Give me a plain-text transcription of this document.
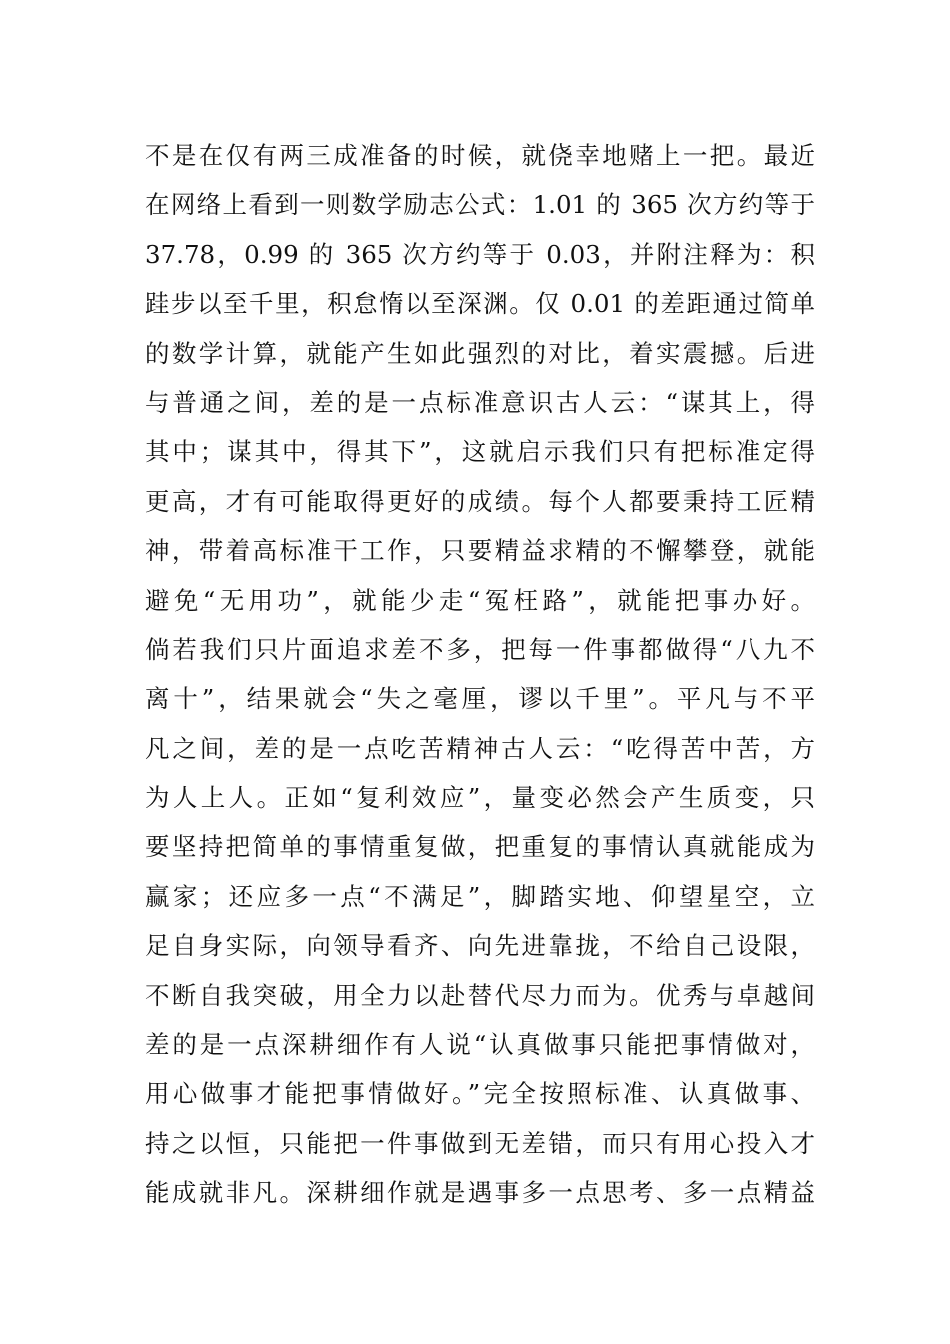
不是在仅有两三成准备的时候，就侥幸地赌上一把。最近
在网络上看到一则数学励志公式：1.01 的 365 次方约等于
37.78，0.99 的 365 次方约等于 0.03，并附注释为：积
跬步以至千里，积怠惰以至深渊。仅 0.01 的差距通过简单
的数学计算，就能产生如此强烈的对比，着实震撼。后进
与普通之间，差的是一点标准意识古人云：“谋其上，得
其中；谋其中，得其下”，这就启示我们只有把标准定得
更高，才有可能取得更好的成绩。每个人都要秉持工匠精
神，带着高标准干工作，只要精益求精的不懈攀登，就能
避免“无用功”，就能少走“冤枉路”，就能把事办好。
倘若我们只片面追求差不多，把每一件事都做得“八九不
离十”，结果就会“失之毫厘，谬以千里”。平凡与不平
凡之间，差的是一点吃苦精神古人云：“吃得苦中苦，方
为人上人。正如“复利效应”，量变必然会产生质变，只
要坚持把简单的事情重复做，把重复的事情认真就能成为
赢家；还应多一点“不满足”，脚踏实地、仰望星空，立
足自身实际，向领导看齐、向先进靠拢，不给自己设限，
不断自我突破，用全力以赴替代尽力而为。优秀与卓越间
差的是一点深耕细作有人说“认真做事只能把事情做对，
用心做事才能把事情做好。”完全按照标准、认真做事、
持之以恒，只能把一件事做到无差错，而只有用心投入才
能成就非凡。深耕细作就是遇事多一点思考、多一点精益
